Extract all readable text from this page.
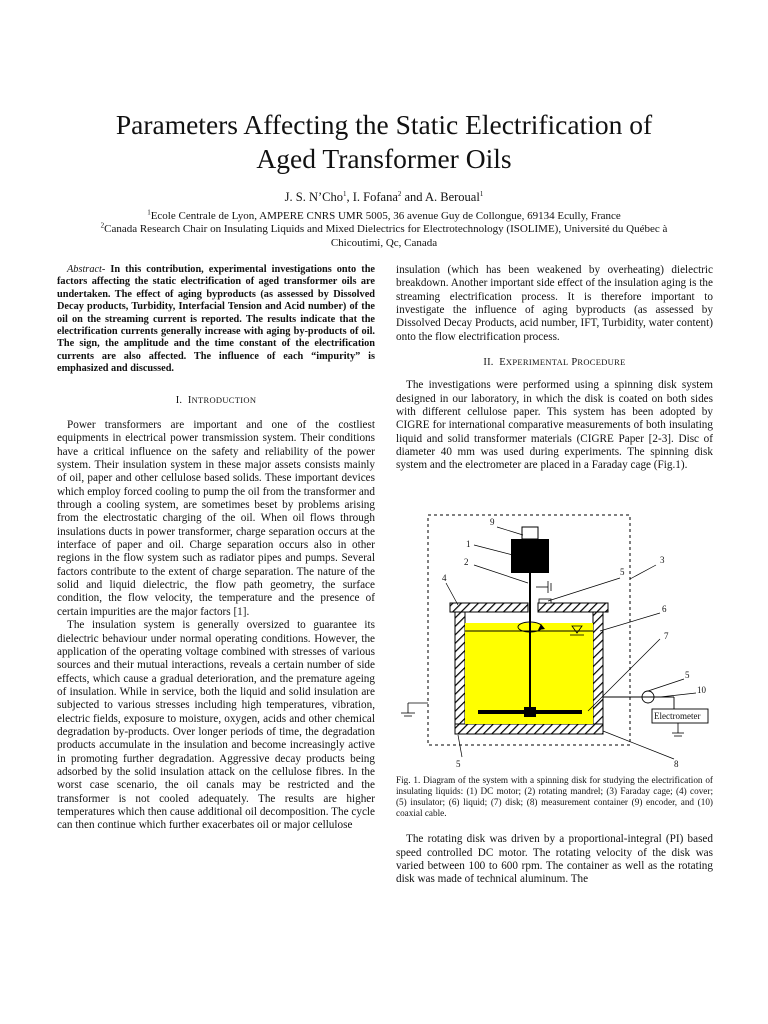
Parameters Affecting the Static Electrification of
Aged Transformer Oils
J. S. N’Cho$^1$, I. Fofana$^2$ and A. Beroual$^1$
$^1$Ecole Centrale de Lyon, AMPERE CNRS UMR 5005, 36 avenue Guy de Collongue, 69134 Ecully, France
$^2$Canada Research Chair on Insulating Liquids and Mixed Dielectrics for Electrotechnology (ISOLIME), Université du Québec à
Chicoutimi, Qc, Canada

Abstract- In this contribution, experimental investigations onto the factors affecting the static electrification of aged transformer oils are undertaken. The effect of aging byproducts (as assessed by Dissolved Decay products, Turbidity, Interfacial Tension and Acid number) of the oil on the streaming current is reported. The results indicate that the electrification currents generally increase with aging by-products of oil. The sign, the amplitude and the time constant of the electrification currents are also affected. The influence of each “impurity” is emphasized and discussed.

I. INTRODUCTION

Power transformers are important and one of the costliest equipments in electrical power transmission system. Their conditions have a critical influence on the safety and reliability of the power system. Their insulation system in these major assets consists mainly of oil, paper and other cellulose based solids. These important devices which employ forced cooling to pump the oil from the transformer and through a cooling system, are sometimes beset by problems arising from the electrostatic charging of the oil. When oil flows through insulations ducts in power transformer, charge separation occurs at the interface of paper and oil. Charge separation occurs also in other regions in the flow system such as radiator pipes and pumps. Several factors contribute to the extent of charge separation. The nature of the solid and liquid dielectric, the flow path geometry, the surface condition, the flow velocity, the temperature and the presence of certain impurities are the major factors [1].

The insulation system is generally oversized to guarantee its dielectric behaviour under normal operating conditions. However, the application of the operating voltage combined with stresses of various sources and their mutual interactions, reveals a certain number of side effects, which cause a gradual deterioration, and the premature ageing of insulation. While in service, both the liquid and solid insulation are subjected to various stresses including high temperatures, vibration, electric fields, exposure to moisture, oxygen, acids and other chemical degradation by-products. Over longer periods of time, the degradation products accumulate in the insulation and become increasingly active in promoting further degradation. Aggressive decay products being adsorbed by the solid insulation attack on the cellulose fibres. In the worst case scenario, the oil canals may be restricted and the transformer is not cooled adequately. The results are higher temperatures which then cause additional oil decomposition. The cycle can then continue which further exacerbates oil or major cellulose

insulation (which has been weakened by overheating) dielectric breakdown. Another important side effect of the insulation aging is the streaming electrification process. It is therefore important to investigate the influence of aging byproducts (as assessed by Dissolved Decay Products, acid number, IFT, Turbidity, water content) onto the flow electrification process.

II. EXPERIMENTAL PROCEDURE

The investigations were performed using a spinning disk system designed in our laboratory, in which the disk is coated on both sides with different cellulose paper. This system has been adopted by CIGRE for international comparative measurements of both insulating liquid and solid transformer materials (CIGRE Paper [2-3]. Disc of diameter 40 mm was used during experiments. The spinning disk system and the electrometer are placed in a Faraday cage (Fig.1).

Electrometer
9
1
2	3
4
5
6
7
5
10
5	8

Fig. 1. Diagram of the system with a spinning disk for studying the electrification of insulating liquids: (1) DC motor; (2) rotating mandrel; (3) Faraday cage; (4) cover; (5) insulator; (6) liquid; (7) disk; (8) measurement container (9) encoder, and (10) coaxial cable.

The rotating disk was driven by a proportional-integral (PI) based speed controlled DC motor. The rotating velocity of the disk was varied between 100 to 600 rpm. The container as well as the rotating disk was made of technical aluminum. The
